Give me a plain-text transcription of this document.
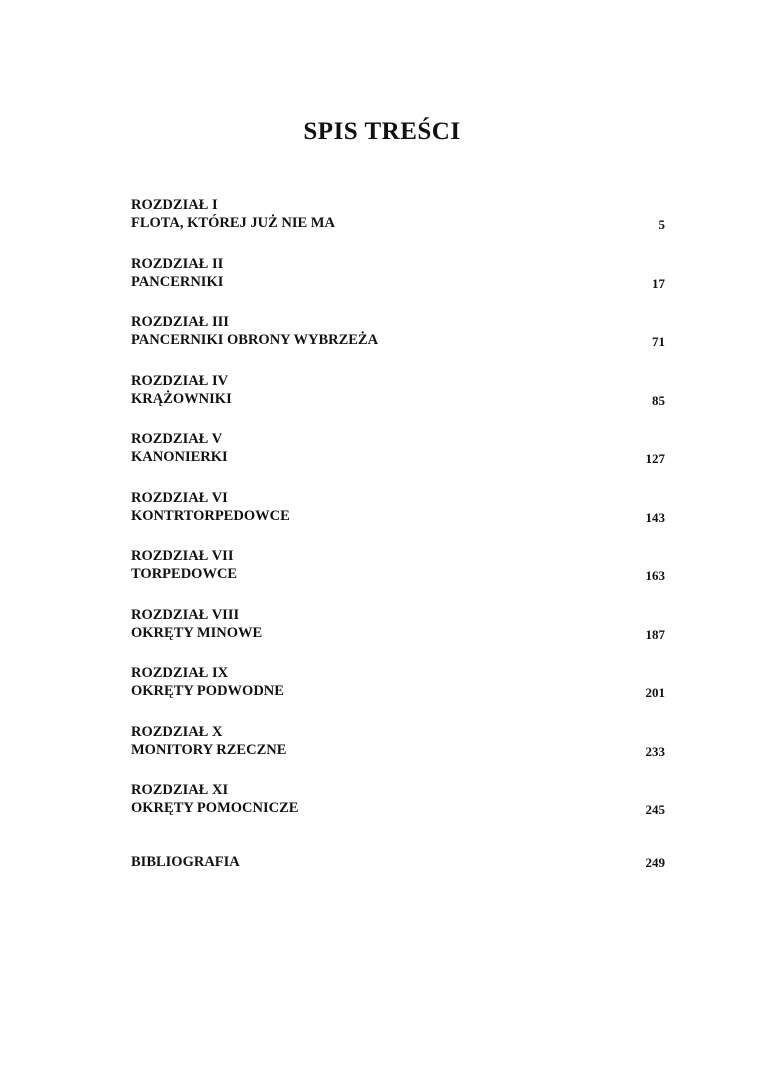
SPIS TREŚCI
ROZDZIAŁ I
FLOTA, KTÓREJ JUŻ NIE MA	5
ROZDZIAŁ II
PANCERNIKI	17
ROZDZIAŁ III
PANCERNIKI OBRONY WYBRZEŻA	71
ROZDZIAŁ IV
KRĄŻOWNIKI	85
ROZDZIAŁ V
KANONIERKI	127
ROZDZIAŁ VI
KONTRTORPEDOWCE	143
ROZDZIAŁ VII
TORPEDOWCE	163
ROZDZIAŁ VIII
OKRĘTY MINOWE	187
ROZDZIAŁ IX
OKRĘTY PODWODNE	201
ROZDZIAŁ X
MONITORY RZECZNE	233
ROZDZIAŁ XI
OKRĘTY POMOCNICZE	245
BIBLIOGRAFIA	249
